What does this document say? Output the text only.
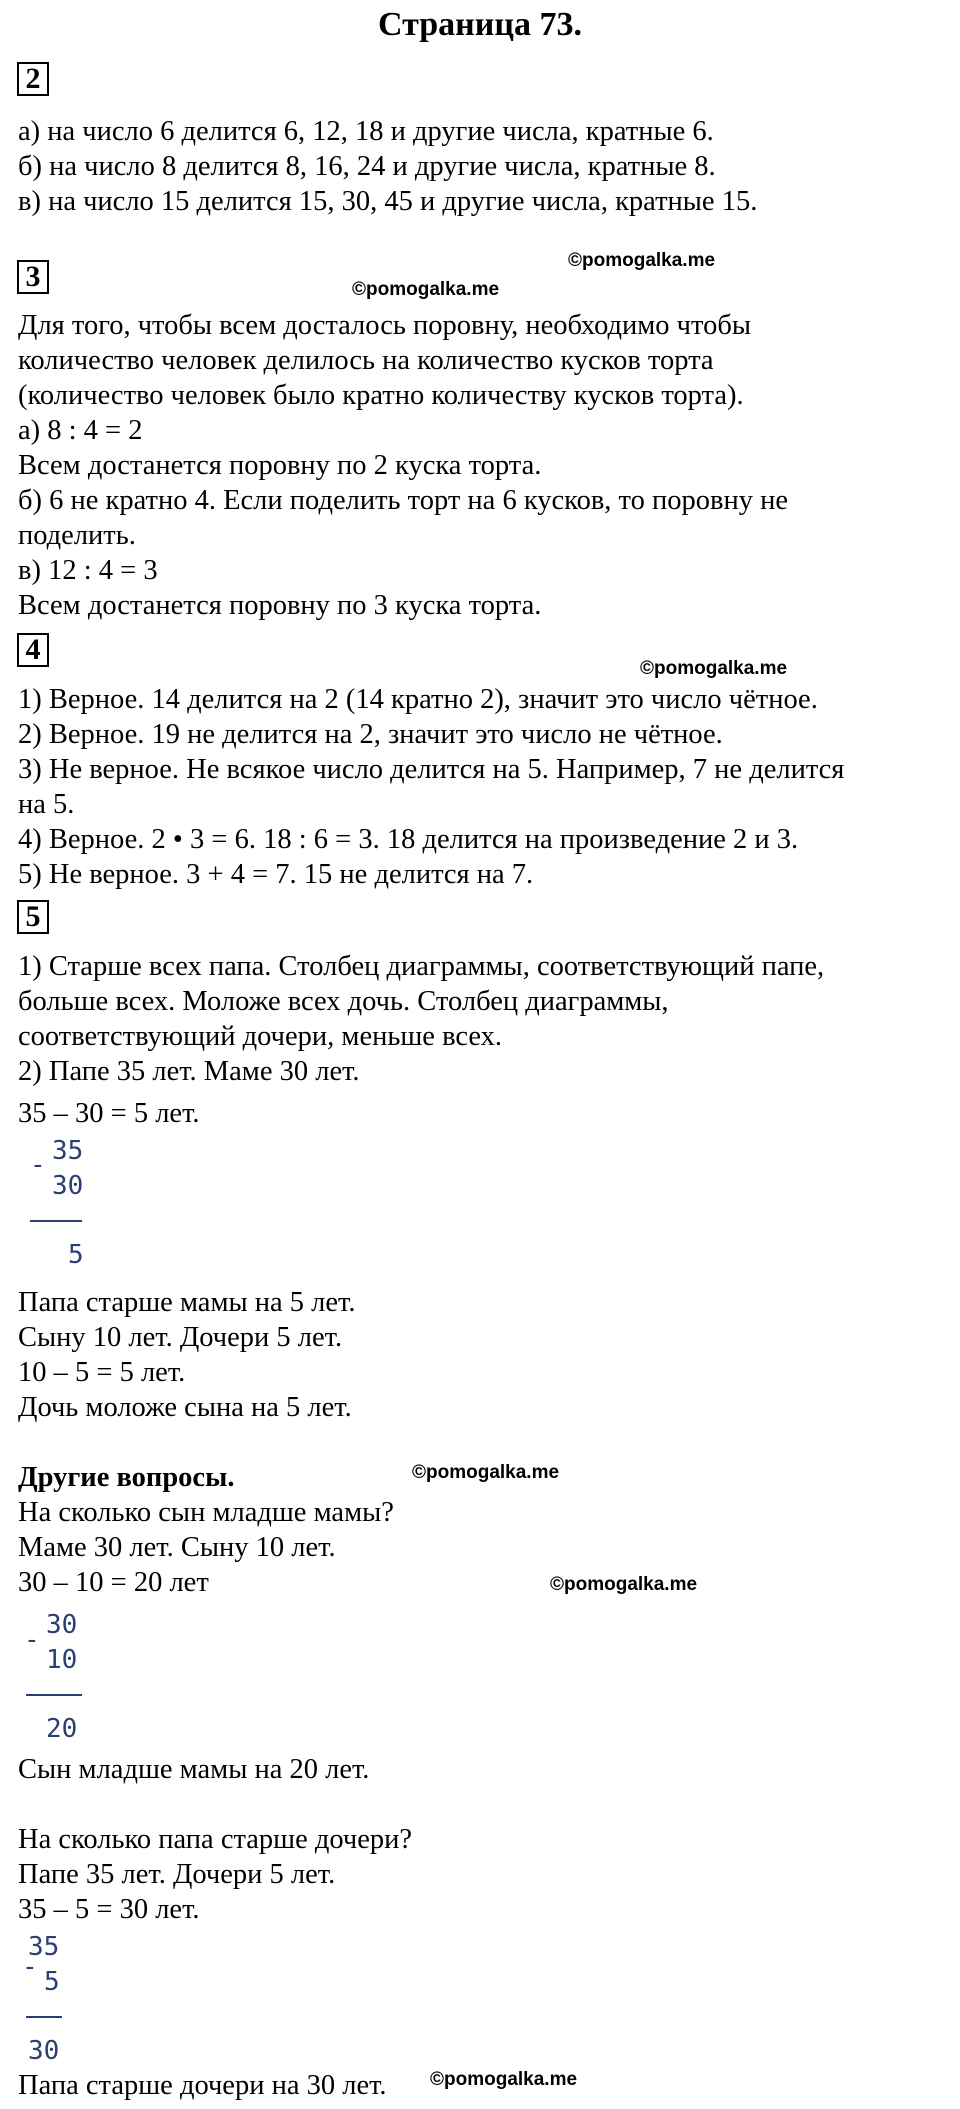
Страница 73.
2
а) на число 6 делится 6, 12, 18 и другие числа, кратные 6.
б) на число 8 делится 8, 16, 24 и другие числа, кратные 8.
в) на число 15 делится 15, 30, 45 и другие числа, кратные 15.
©pomogalka.me
3	©pomogalka.me
Для того, чтобы всем досталось поровну, необходимо чтобы
количество человек делилось на количество кусков торта
(количество человек было кратно количеству кусков торта).
а) 8 : 4 = 2
Всем достанется поровну по 2 куска торта.
б) 6 не кратно 4. Если поделить торт на 6 кусков, то поровну не
поделить.
в) 12 : 4 = 3
Всем достанется поровну по 3 куска торта.
4
©pomogalka.me
1) Верное. 14 делится на 2 (14 кратно 2), значит это число чётное.
2) Верное. 19 не делится на 2, значит это число не чётное.
3) Не верное. Не всякое число делится на 5. Например, 7 не делится
на 5.
4) Верное. 2 • 3 = 6. 18 : 6 = 3. 18 делится на произведение 2 и 3.
5) Не верное. 3 + 4 = 7. 15 не делится на 7.
5
1) Старше всех папа. Столбец диаграммы, соответствующий папе,
больше всех. Моложе всех дочь. Столбец диаграммы,
соответствующий дочери, меньше всех.
2) Папе 35 лет. Маме 30 лет.
35 – 30 = 5 лет.
- 35
30
5
Папа старше мамы на 5 лет.
Сыну 10 лет. Дочери 5 лет.
10 – 5 = 5 лет.
Дочь моложе сына на 5 лет.
Другие вопросы.	©pomogalka.me
На сколько сын младше мамы?
Маме 30 лет. Сыну 10 лет.
30 – 10 = 20 лет	©pomogalka.me
- 30
10
20
Сын младше мамы на 20 лет.
На сколько папа старше дочери?
Папе 35 лет. Дочери 5 лет.
35 – 5 = 30 лет.
-
35
5
30
Папа старше дочери на 30 лет. ©pomogalka.me
